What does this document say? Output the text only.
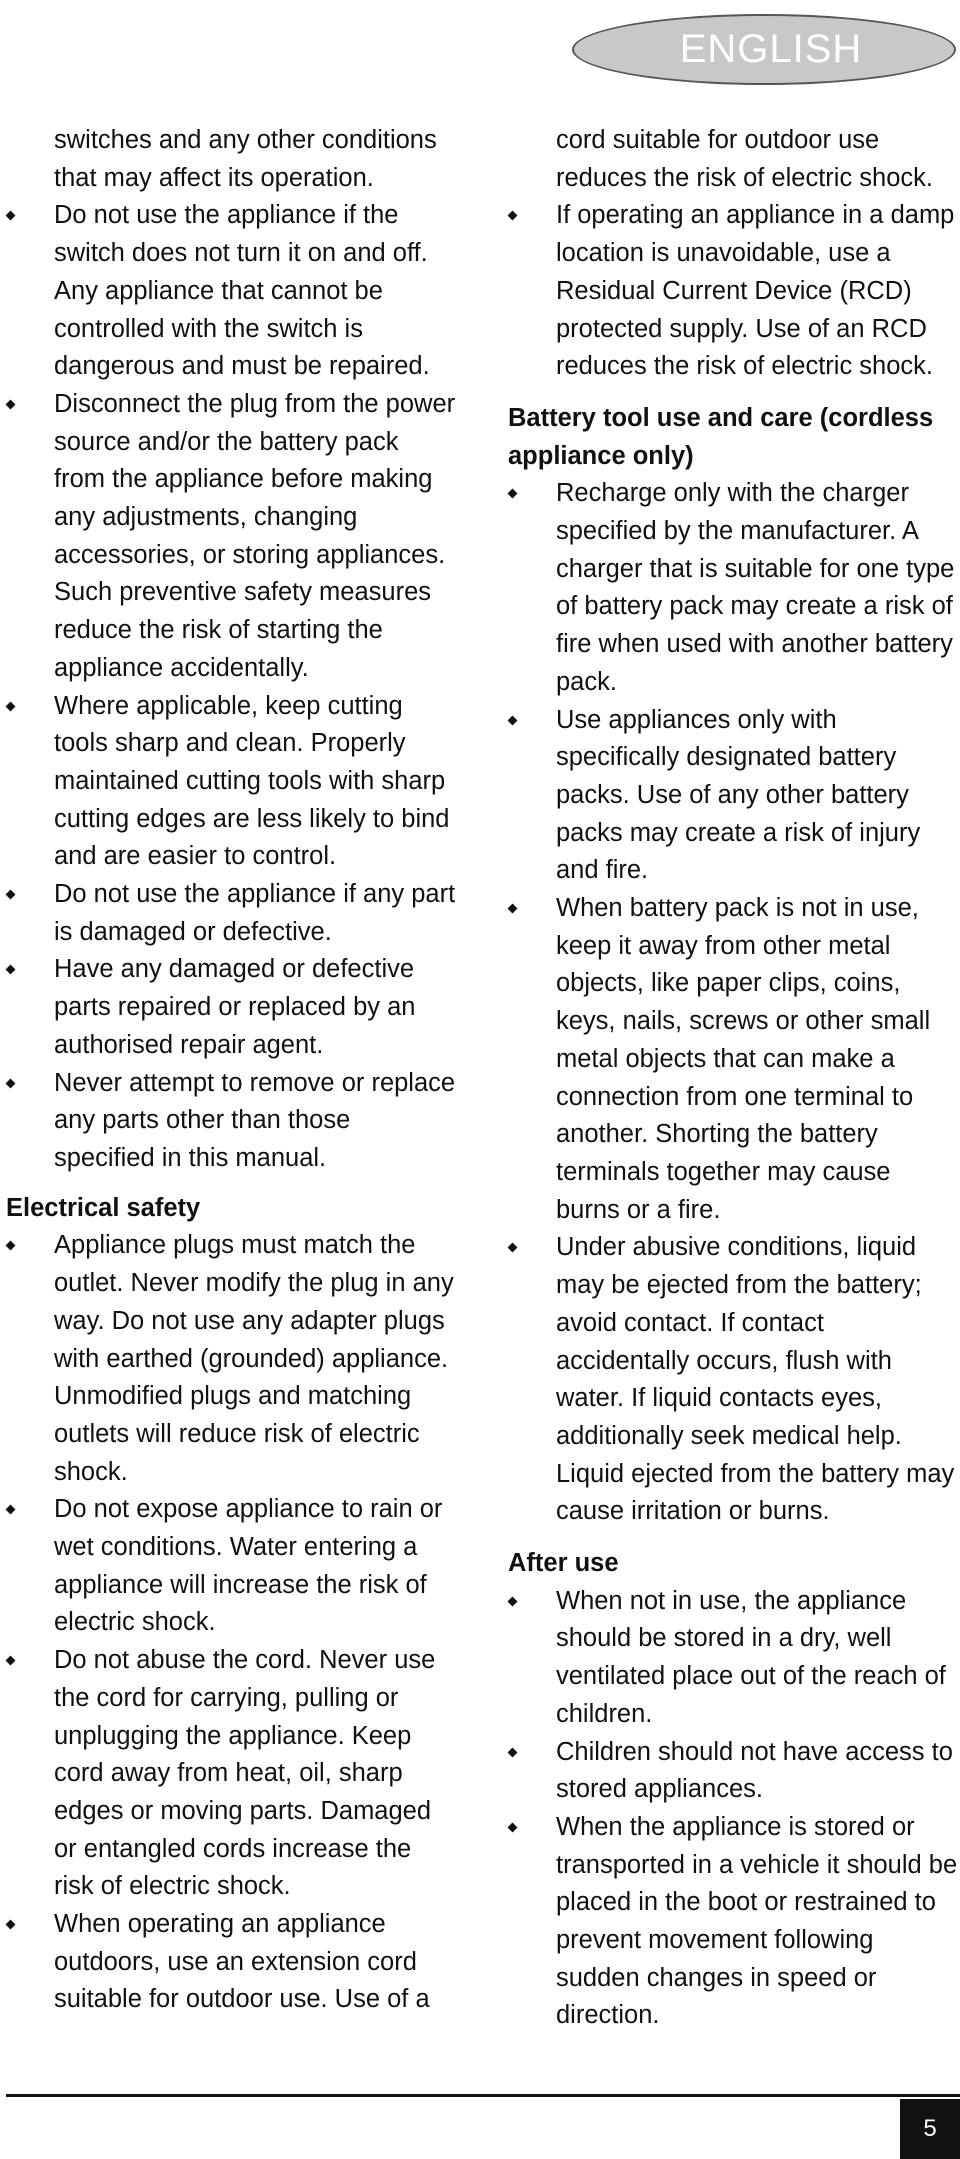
ENGLISH
switches and any other conditions that may affect its operation.
Do not use the appliance if the switch does not turn it on and off. Any appliance that cannot be controlled with the switch is dangerous and must be repaired.
Disconnect the plug from the power source and/or the battery pack from the appliance before making any adjustments, changing accessories, or storing appliances. Such preventive safety measures reduce the risk of starting the appliance accidentally.
Where applicable, keep cutting tools sharp and clean. Properly maintained cutting tools with sharp cutting edges are less likely to bind and are easier to control.
Do not use the appliance if any part is damaged or defective.
Have any damaged or defective parts repaired or replaced by an authorised repair agent.
Never attempt to remove or replace any parts other than those specified in this manual.
Electrical safety
Appliance plugs must match the outlet. Never modify the plug in any way. Do not use any adapter plugs with earthed (grounded) appliance. Unmodified plugs and matching outlets will reduce risk of electric shock.
Do not expose appliance to rain or wet conditions. Water entering a appliance will increase the risk of electric shock.
Do not abuse the cord. Never use the cord for carrying, pulling or unplugging the appliance. Keep cord away from heat, oil, sharp edges or moving parts. Damaged or entangled cords increase the risk of electric shock.
When operating an appliance outdoors, use an extension cord suitable for outdoor use. Use of a
cord suitable for outdoor use reduces the risk of electric shock.
If operating an appliance in a damp location is unavoidable, use a Residual Current Device (RCD) protected supply. Use of an RCD reduces the risk of electric shock.
Battery tool use and care (cordless appliance only)
Recharge only with the charger specified by the manufacturer. A charger that is suitable for one type of battery pack may create a risk of fire when used with another battery pack.
Use appliances only with specifically designated battery packs. Use of any other battery packs may create a risk of injury and fire.
When battery pack is not in use, keep it away from other metal objects, like paper clips, coins, keys, nails, screws or other small metal objects that can make a connection from one terminal to another. Shorting the battery terminals together may cause burns or a fire.
Under abusive conditions, liquid may be ejected from the battery; avoid contact. If contact accidentally occurs, flush with water. If liquid contacts eyes, additionally seek medical help. Liquid ejected from the battery may cause irritation or burns.
After use
When not in use, the appliance should be stored in a dry, well ventilated place out of the reach of children.
Children should not have access to stored appliances.
When the appliance is stored or transported in a vehicle it should be placed in the boot or restrained to prevent movement following sudden changes in speed or direction.
5
